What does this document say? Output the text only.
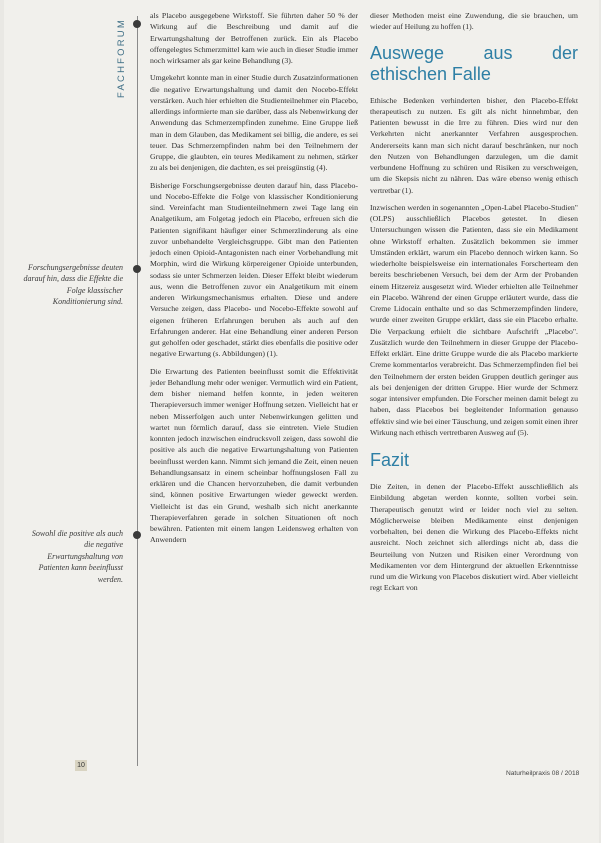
FACHFORUM
Forschungsergebnisse deuten darauf hin, dass die Effekte die Folge klassischer Konditionierung sind.
Sowohl die positive als auch die negative Erwartungshaltung von Patienten kann beeinflusst werden.

als Placebo ausgegebene Wirkstoff. Sie führten daher 50 % der Wirkung auf die Beschreibung und damit auf die Erwartungshaltung der Betroffenen zurück. Ein als Placebo offengelegtes Schmerzmittel kam wie auch in dieser Studie immer noch wirksamer als gar keine Behandlung (3).

Umgekehrt konnte man in einer Studie durch Zusatzinformationen die negative Erwartungshaltung und damit den Nocebo-Effekt verstärken. Auch hier erhielten die Studienteilnehmer ein Placebo, allerdings informierte man sie darüber, dass als Nebenwirkung der Anwendung das Schmerzempfinden zunehme. Eine Gruppe ließ man in dem Glauben, das Medikament sei billig, die andere, es sei teuer. Das Schmerzempfinden nahm bei den Teilnehmern der Gruppe, die glaubten, ein teures Medikament zu nehmen, stärker zu als bei denjenigen, die dachten, es sei preisgünstig (4).

Bisherige Forschungsergebnisse deuten darauf hin, dass Placebo- und Nocebo-Effekte die Folge von klassischer Konditionierung sind. Vereinfacht man Studienteilnehmern zwei Tage lang ein Analgetikum, am Folgetag jedoch ein Placebo, erfreuen sich die Patienten signifikant häufiger einer Schmerzlinderung als eine zuvor unbehandelte Vergleichsgruppe. Gibt man den Patienten jedoch einen Opioid-Antagonisten nach einer Vorbehandlung mit Morphin, wird die Wirkung körpereigener Opioide unterbunden, sodass sie unter Schmerzen leiden. Dieser Effekt bleibt wiederum aus, wenn die Betroffenen zuvor ein Analgetikum mit einem anderen Wirkungsmechanismus erhalten. Diese und andere Versuche zeigen, dass Placebo- und Nocebo-Effekte sowohl auf eigenen früheren Erfahrungen beruhen als auch auf den Erfahrungen anderer. Hat eine Behandlung einer anderen Person gut geholfen oder geschadet, stärkt dies ebenfalls die positive oder negative Erwartung (s. Abbildungen) (1).

Die Erwartung des Patienten beeinflusst somit die Effektivität jeder Behandlung mehr oder weniger. Vermutlich wird ein Patient, dem bisher niemand helfen konnte, in jeden weiteren Therapieversuch immer weniger Hoffnung setzen. Vielleicht hat er neben Misserfolgen auch unter Nebenwirkungen gelitten und wartet nun förmlich darauf, dass sie eintreten. Viele Studien konnten jedoch inzwischen eindrucksvoll zeigen, dass sowohl die positive als auch die negative Erwartungshaltung von Patienten beeinflusst werden kann. Nimmt sich jemand die Zeit, einen neuen Behandlungsansatz in einem scheinbar hoffnungslosen Fall zu erklären und die Chancen hervorzuheben, die damit verbunden sind, können positive Erwartungen wieder geweckt werden. Vielleicht ist das ein Grund, weshalb sich nicht anerkannte Therapieverfahren gerade in solchen Situationen oft noch bewähren. Patienten mit einem langen Leidensweg erhalten von Anwendern

dieser Methoden meist eine Zuwendung, die sie brauchen, um wieder auf Heilung zu hoffen (1).

Auswege aus der ethischen Falle

Ethische Bedenken verhinderten bisher, den Placebo-Effekt therapeutisch zu nutzen. Es gilt als nicht hinnehmbar, den Patienten bewusst in die Irre zu führen. Dies wird nur den Verkehrten nicht anerkannter Verfahren ausgesprochen. Andererseits kann man sich nicht darauf beschränken, nur noch den Nutzen von Behandlungen darzulegen, um die damit verbundene Hoffnung zu schüren und Risiken zu verschweigen, um die Skepsis nicht zu nähren. Das wäre ebenso wenig ethisch vertretbar (1).

Inzwischen werden in sogenannten „Open-Label Placebo-Studien" (OLPS) ausschließlich Placebos getestet. In diesen Untersuchungen wissen die Patienten, dass sie ein Medikament ohne Wirkstoff erhalten. Zusätzlich bekommen sie immer Umständen erklärt, warum ein Placebo dennoch wirken kann. So wiederholte beispielsweise ein internationales Forscherteam den bereits beschriebenen Versuch, bei dem der Arm der Probanden einem Hitzereiz ausgesetzt wird. Wieder erhielten alle Teilnehmer ein Placebo. Während der einen Gruppe erläutert wurde, dass die Creme Lidocain enthalte und so das Schmerzempfinden lindere, wurde einer zweiten Gruppe erklärt, dass sie ein Placebo erhalte. Die Verpackung erhielt die sichtbare Aufschrift „Placebo". Zusätzlich wurde den Teilnehmern in dieser Gruppe der Placebo-Effekt erklärt. Eine dritte Gruppe wurde die als Placebo markierte Creme kommentarlos verabreicht. Das Schmerzempfinden fiel bei den Teilnehmern der ersten beiden Gruppen deutlich geringer aus als bei denjenigen der dritten Gruppe. Hier wurde der Schmerz sogar intensiver empfunden. Die Forscher meinen damit belegt zu haben, dass Placebos bei begleitender Information genauso effektiv sind wie bei einer Täuschung, und zeigen somit einen ihrer Wirkung nach ethisch vertretbaren Ausweg auf (5).

Fazit

Die Zeiten, in denen der Placebo-Effekt ausschließlich als Einbildung abgetan werden konnte, sollten vorbei sein. Therapeutisch genutzt wird er leider noch viel zu selten. Möglicherweise bleiben Medikamente einst denjenigen vorbehalten, bei denen die Wirkung des Placebo-Effekts nicht ausreicht. Noch zeichnet sich allerdings nicht ab, dass die Beurteilung von Nutzen und Risiken einer Verordnung von Medikamenten vor dem Hintergrund der aktuellen Erkenntnisse rund um die Wirkung von Placebos diskutiert wird. Aber vielleicht regt Eckart von

10
Naturheilpraxis 08 / 2018
